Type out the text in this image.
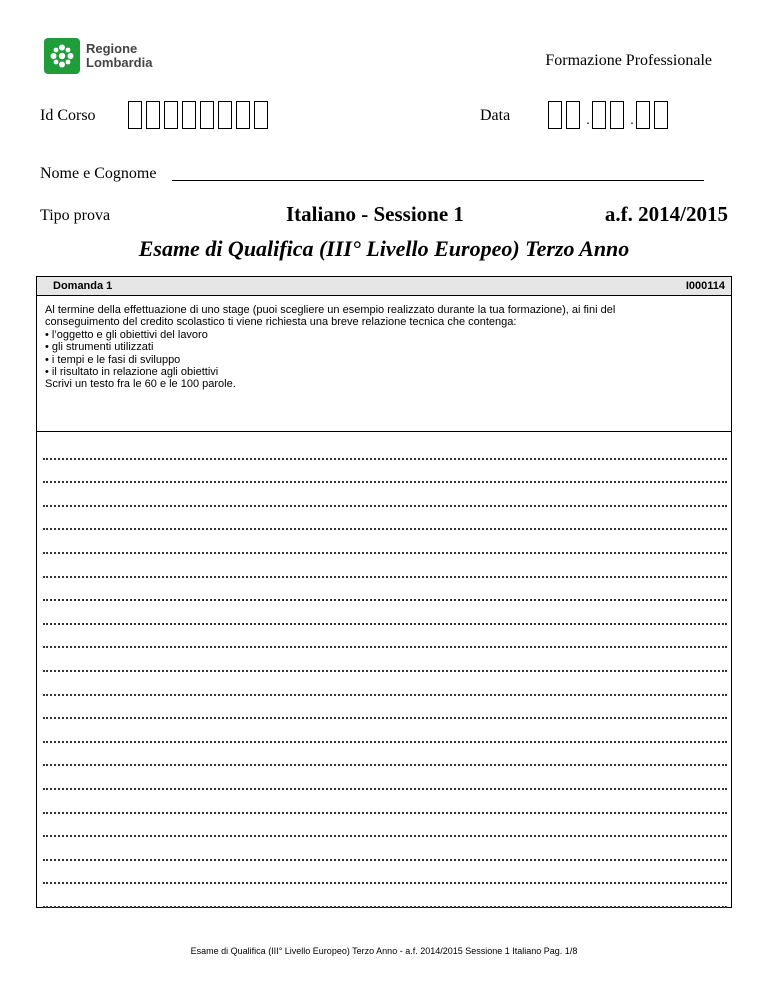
Regione
Lombardia	Formazione Professionale
Id Corso	Data	.	.
Nome e Cognome
Tipo prova	Italiano - Sessione 1	a.f. 2014/2015
Esame di Qualifica (III° Livello Europeo) Terzo Anno
Domanda 1	I000114
Al termine della effettuazione di uno stage (puoi scegliere un esempio realizzato durante la tua formazione), ai fini del
conseguimento del credito scolastico ti viene richiesta una breve relazione tecnica che contenga:
• l’oggetto e gli obiettivi del lavoro
• gli strumenti utilizzati
• i tempi e le fasi di sviluppo
• il risultato in relazione agli obiettivi
Scrivi un testo fra le 60 e le 100 parole.
Esame di Qualifica (III° Livello Europeo) Terzo Anno - a.f. 2014/2015 Sessione 1 Italiano Pag. 1/8
